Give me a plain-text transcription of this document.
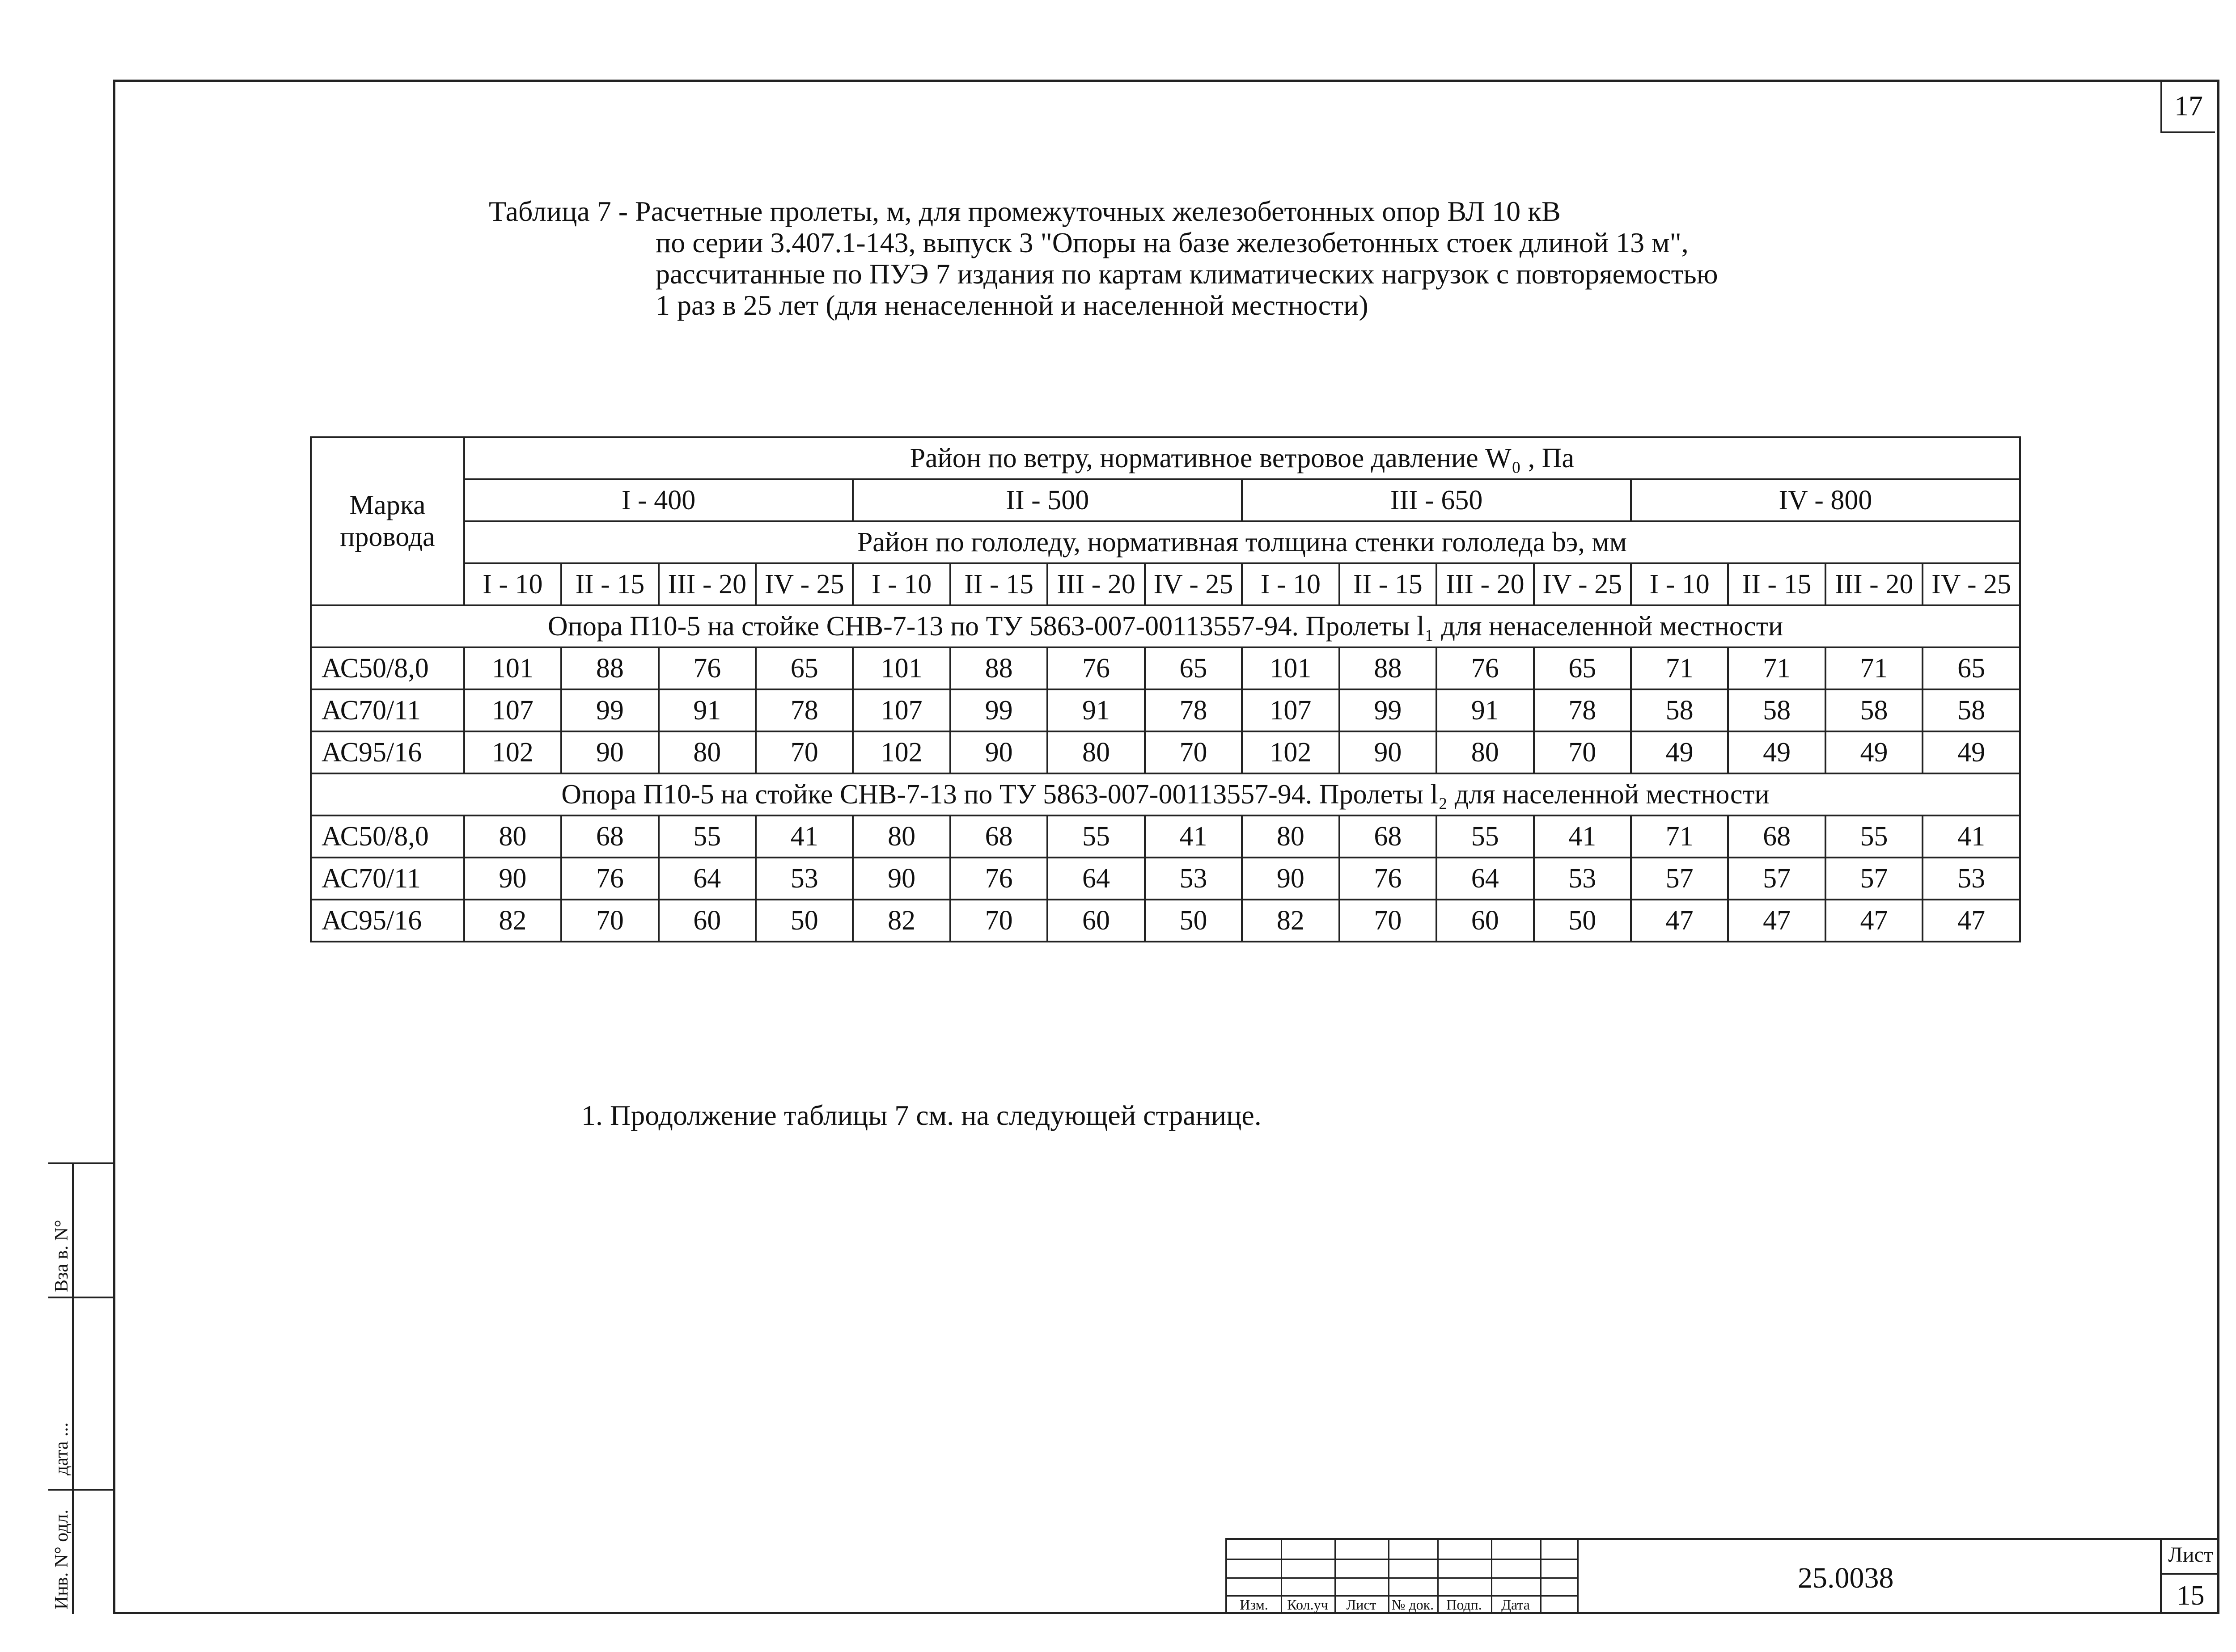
17
Таблица 7 - Расчетные пролеты, м, для промежуточных железобетонных опор ВЛ 10 кВ
по серии 3.407.1-143, выпуск 3 "Опоры на базе железобетонных стоек длиной 13 м",
рассчитанные по ПУЭ 7 издания по картам климатических нагрузок с повторяемостью
1 раз в 25 лет (для ненаселенной и населенной местности)
Марка провода	Район по ветру, нормативное ветровое давление W₀ , Па															
	I - 400				II - 500				III - 650				IV - 800			
	Район по гололеду, нормативная толщина стенки гололеда bэ, мм															
	I - 10	II - 15	III - 20	IV - 25	I - 10	II - 15	III - 20	IV - 25	I - 10	II - 15	III - 20	IV - 25	I - 10	II - 15	III - 20	IV - 25
Опора П10-5 на стойке СНВ-7-13 по ТУ 5863-007-00113557-94. Пролеты l₁ для ненаселенной местности																
АС50/8,0	101	88	76	65	101	88	76	65	101	88	76	65	71	71	71	65
АС70/11	107	99	91	78	107	99	91	78	107	99	91	78	58	58	58	58
АС95/16	102	90	80	70	102	90	80	70	102	90	80	70	49	49	49	49
Опора П10-5 на стойке СНВ-7-13 по ТУ 5863-007-00113557-94. Пролеты l₂ для населенной местности																
АС50/8,0	80	68	55	41	80	68	55	41	80	68	55	41	71	68	55	41
АС70/11	90	76	64	53	90	76	64	53	90	76	64	53	57	57	57	53
АС95/16	82	70	60	50	82	70	60	50	82	70	60	50	47	47	47	47
1. Продолжение таблицы 7 см. на следующей странице.
Вза в. N°
дата ...
Инв. N° одл.	Изм.	Кол.уч	Лист	№ док. Подп.	Дата
25.0038
Лист
15
